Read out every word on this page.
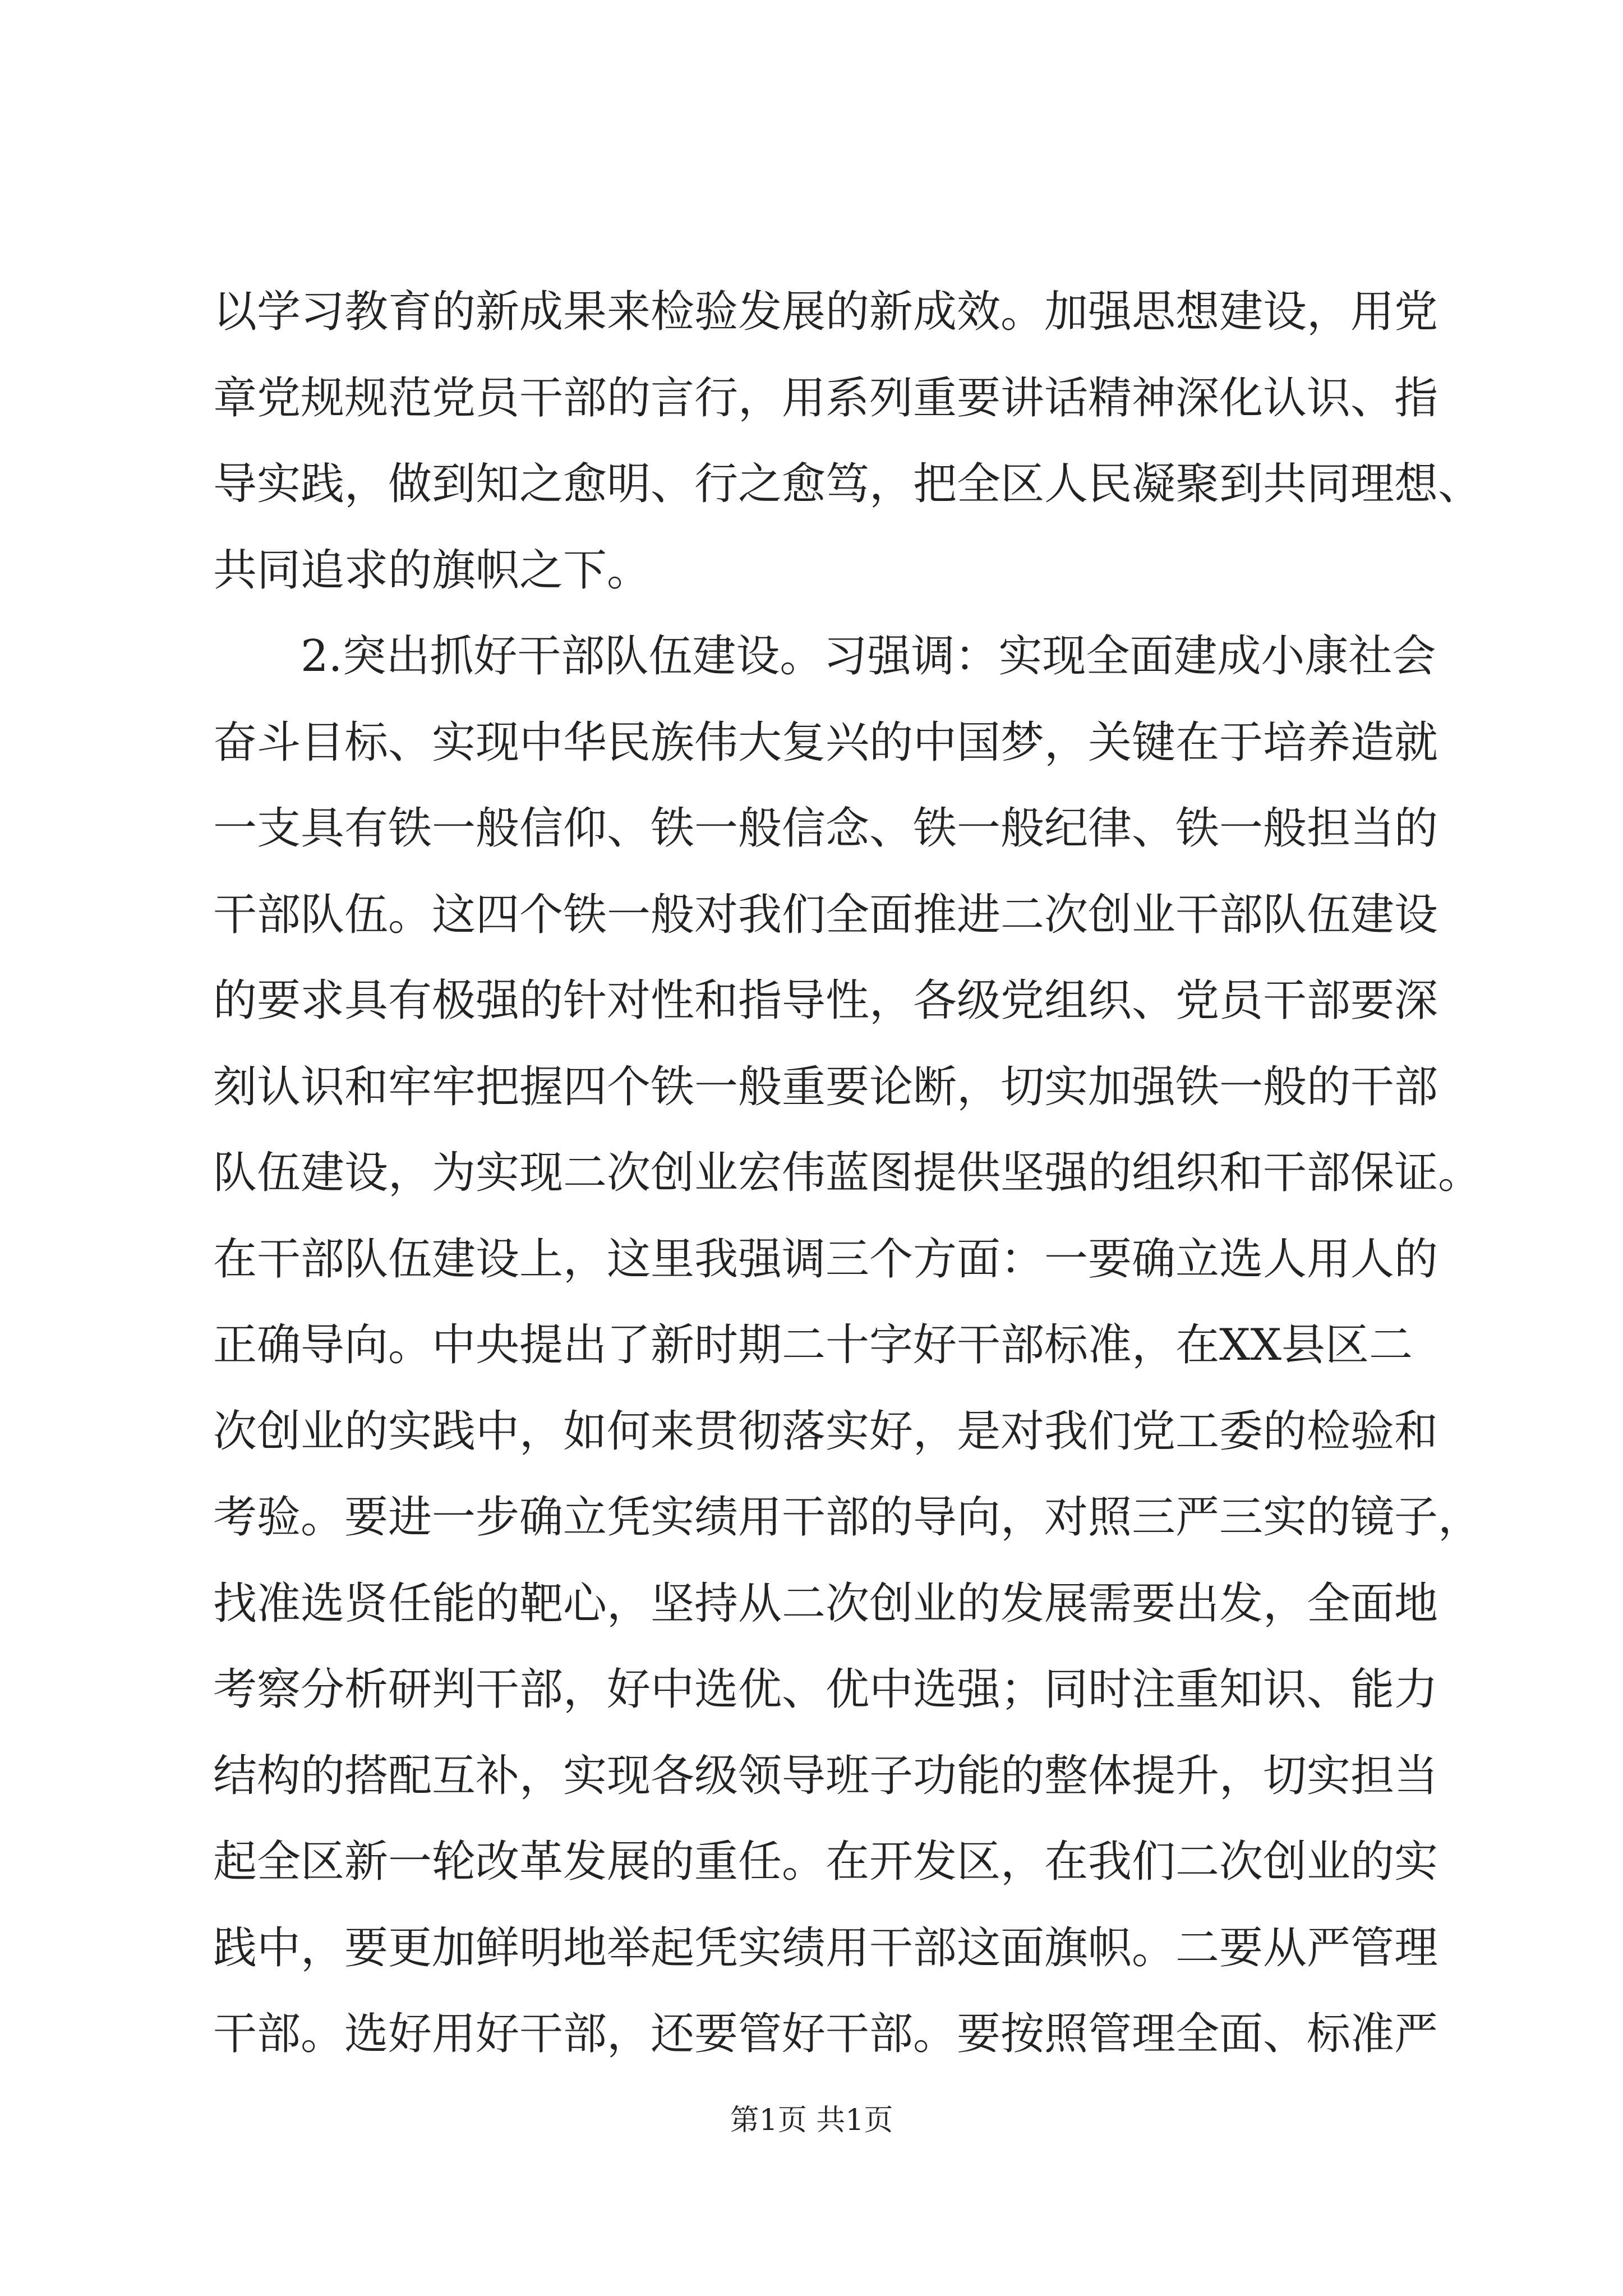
以学习教育的新成果来检验发展的新成效。加强思想建设，用党
章党规规范党员干部的言行，用系列重要讲话精神深化认识、指
导实践，做到知之愈明、行之愈笃，把全区人民凝聚到共同理想、
共同追求的旗帜之下。
　　2.突出抓好干部队伍建设。习强调：实现全面建成小康社会
奋斗目标、实现中华民族伟大复兴的中国梦，关键在于培养造就
一支具有铁一般信仰、铁一般信念、铁一般纪律、铁一般担当的
干部队伍。这四个铁一般对我们全面推进二次创业干部队伍建设
的要求具有极强的针对性和指导性，各级党组织、党员干部要深
刻认识和牢牢把握四个铁一般重要论断，切实加强铁一般的干部
队伍建设，为实现二次创业宏伟蓝图提供坚强的组织和干部保证。
在干部队伍建设上，这里我强调三个方面：一要确立选人用人的
正确导向。中央提出了新时期二十字好干部标准，在XX县区二
次创业的实践中，如何来贯彻落实好，是对我们党工委的检验和
考验。要进一步确立凭实绩用干部的导向，对照三严三实的镜子，
找准选贤任能的靶心，坚持从二次创业的发展需要出发，全面地
考察分析研判干部，好中选优、优中选强；同时注重知识、能力
结构的搭配互补，实现各级领导班子功能的整体提升，切实担当
起全区新一轮改革发展的重任。在开发区，在我们二次创业的实
践中，要更加鲜明地举起凭实绩用干部这面旗帜。二要从严管理
干部。选好用好干部，还要管好干部。要按照管理全面、标准严
第1页 共1页
